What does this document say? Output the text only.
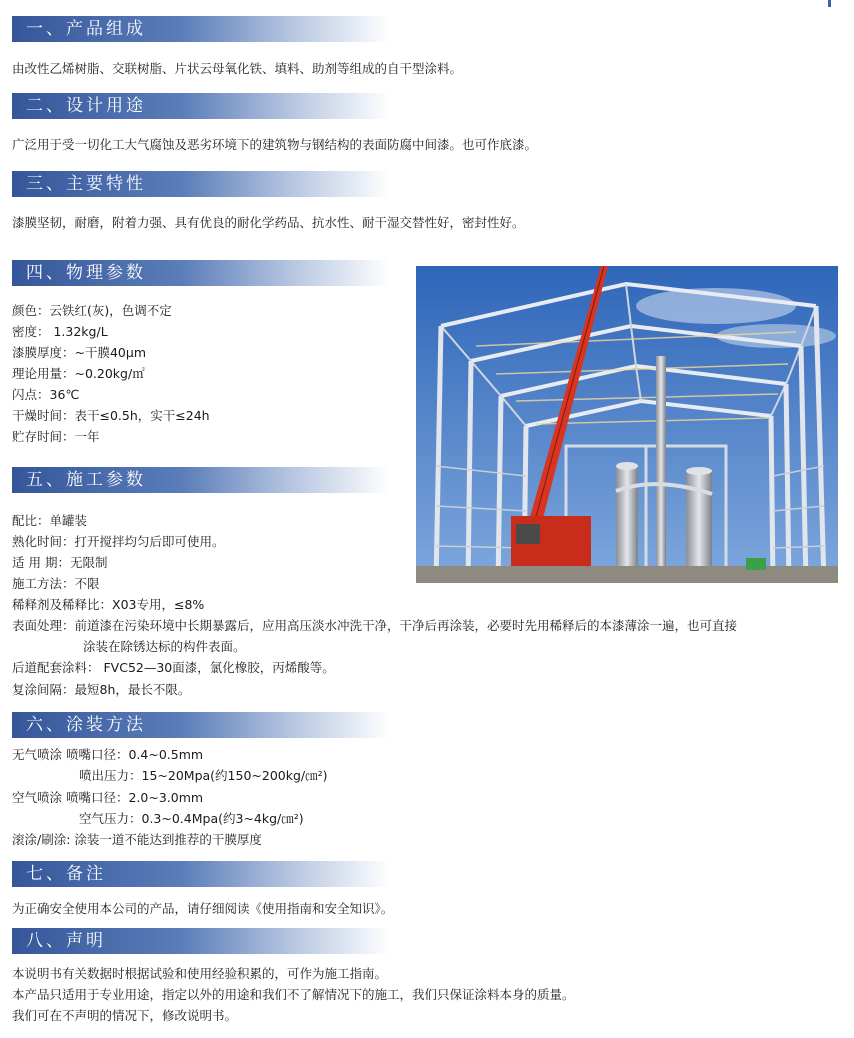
一、产品组成
由改性乙烯树脂、交联树脂、片状云母氧化铁、填料、助剂等组成的自干型涂料。
二、设计用途
广泛用于受一切化工大气腐蚀及恶劣环境下的建筑物与钢结构的表面防腐中间漆。也可作底漆。
三、主要特性
漆膜坚韧，耐磨，附着力强、具有优良的耐化学药品、抗水性、耐干湿交替性好，密封性好。
四、物理参数
颜色：云铁红(灰)，色调不定
密度： 1.32kg/L
漆膜厚度：~干膜40μm
理论用量：~0.20kg/㎡
闪点：36℃
干燥时间：表干≤0.5h，实干≤24h
贮存时间：一年
五、施工参数
配比：单罐装
熟化时间：打开搅拌均匀后即可使用。
适 用 期：无限制
施工方法：不限
稀释剂及稀释比：X03专用，≤8%
表面处理：前道漆在污染环境中长期暴露后，应用高压淡水冲洗干净，干净后再涂装，必要时先用稀释后的本漆薄涂一遍，也可直接
涂装在除锈达标的构件表面。
后道配套涂料： FVC52—30面漆，氯化橡胶，丙烯酸等。
复涂间隔：最短8h，最长不限。
六、涂装方法
无气喷涂 喷嘴口径：0.4~0.5mm
喷出压力：15~20Mpa(约150~200kg/㎝²)
空气喷涂 喷嘴口径：2.0~3.0mm
空气压力：0.3~0.4Mpa(约3~4kg/㎝²)
滚涂/刷涂: 涂装一道不能达到推荐的干膜厚度
七、备注
为正确安全使用本公司的产品，请仔细阅读《使用指南和安全知识》。
八、声明
本说明书有关数据时根据试验和使用经验积累的，可作为施工指南。
本产品只适用于专业用途，指定以外的用途和我们不了解情况下的施工，我们只保证涂料本身的质量。
我们可在不声明的情况下，修改说明书。
